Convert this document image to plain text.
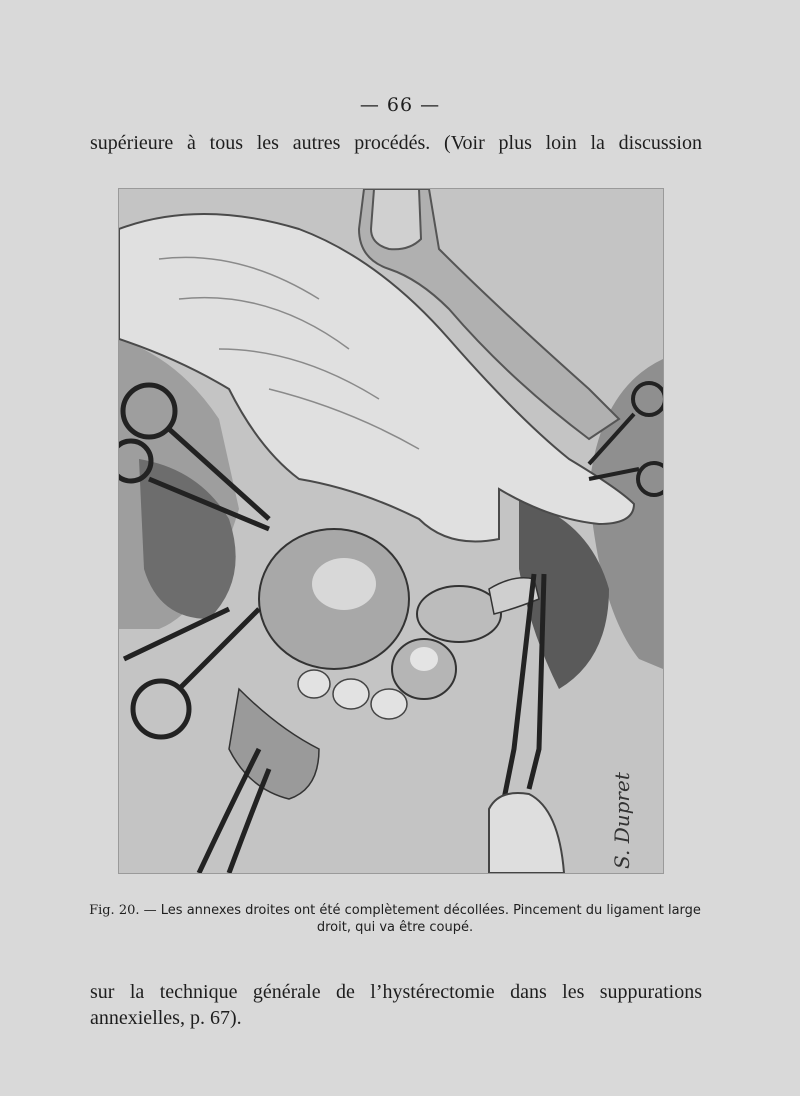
— 66 —
supérieure à tous les autres procédés. (Voir plus loin la discussion
S. Dupret
Fig. 20. — Les annexes droites ont été complètement décollées. Pincement du ligament large droit, qui va être coupé.
sur la technique générale de l’hystérectomie dans les suppurations
annexielles, p. 67).
